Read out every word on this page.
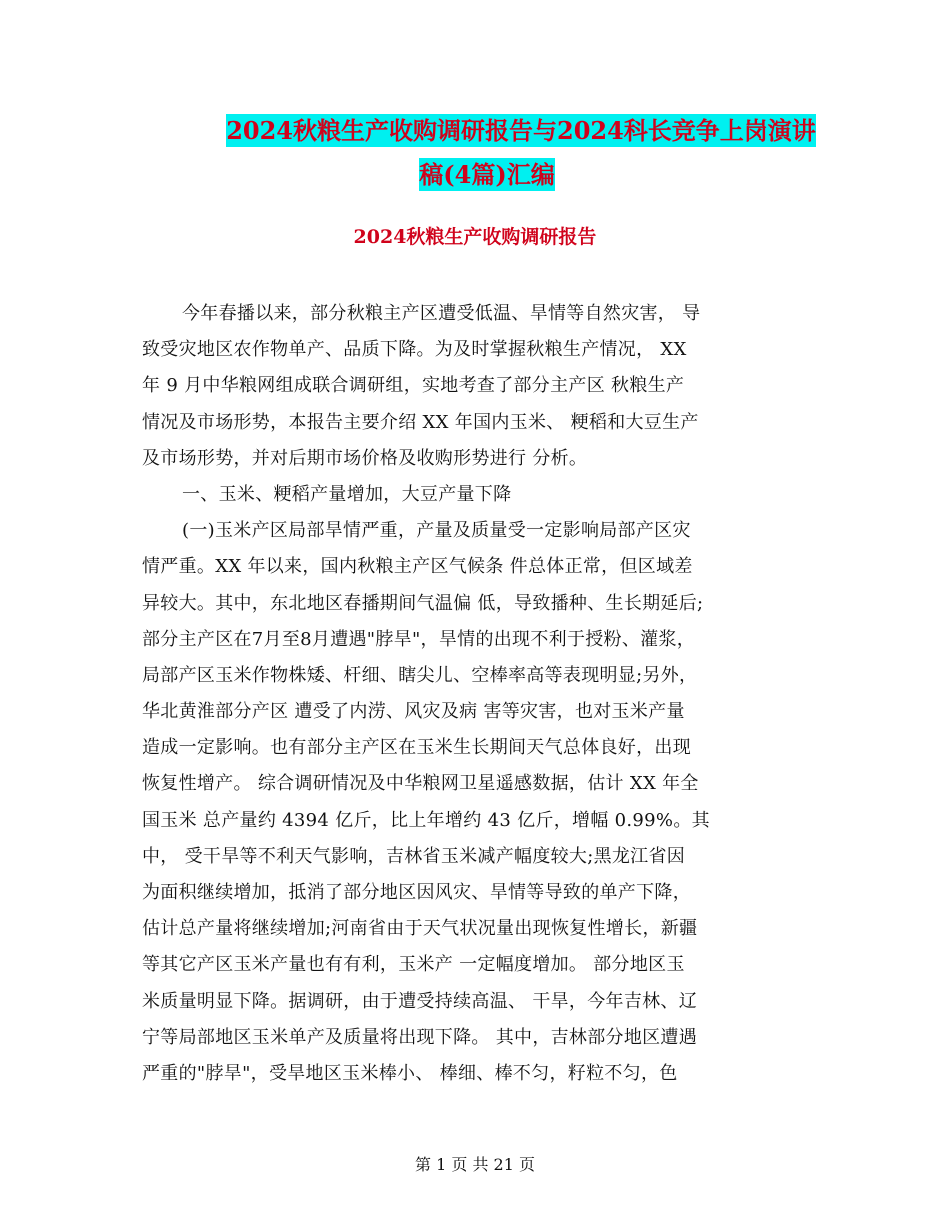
2024秋粮生产收购调研报告与2024科长竞争上岗演讲
稿(4篇)汇编
2024秋粮生产收购调研报告
今年春播以来，部分秋粮主产区遭受低温、旱情等自然灾害， 导
致受灾地区农作物单产、品质下降。为及时掌握秋粮生产情况， XX
年 9 月中华粮网组成联合调研组，实地考查了部分主产区 秋粮生产
情况及市场形势，本报告主要介绍 XX 年国内玉米、 粳稻和大豆生产
及市场形势，并对后期市场价格及收购形势进行 分析。
一、玉米、粳稻产量增加，大豆产量下降
(一)玉米产区局部旱情严重，产量及质量受一定影响局部产区灾
情严重。XX 年以来，国内秋粮主产区气候条 件总体正常，但区域差
异较大。其中，东北地区春播期间气温偏 低，导致播种、生长期延后;
部分主产区在7月至8月遭遇"脖旱"，旱情的出现不利于授粉、灌浆，
局部产区玉米作物株矮、杆细、瞎尖儿、空棒率高等表现明显;另外，
华北黄淮部分产区 遭受了内涝、风灾及病 害等灾害，也对玉米产量
造成一定影响。也有部分主产区在玉米生长期间天气总体良好，出现
恢复性增产。 综合调研情况及中华粮网卫星遥感数据，估计 XX 年全
国玉米 总产量约 4394 亿斤，比上年增约 43 亿斤，增幅 0.99%。其
中， 受干旱等不利天气影响，吉林省玉米减产幅度较大;黑龙江省因
为面积继续增加，抵消了部分地区因风灾、旱情等导致的单产下降，
估计总产量将继续增加;河南省由于天气状况量出现恢复性增长，新疆
等其它产区玉米产量也有有利，玉米产 一定幅度增加。 部分地区玉
米质量明显下降。据调研，由于遭受持续高温、 干旱，今年吉林、辽
宁等局部地区玉米单产及质量将出现下降。 其中，吉林部分地区遭遇
严重的"脖旱"，受旱地区玉米棒小、 棒细、棒不匀，籽粒不匀，色
第 1 页 共 21 页
